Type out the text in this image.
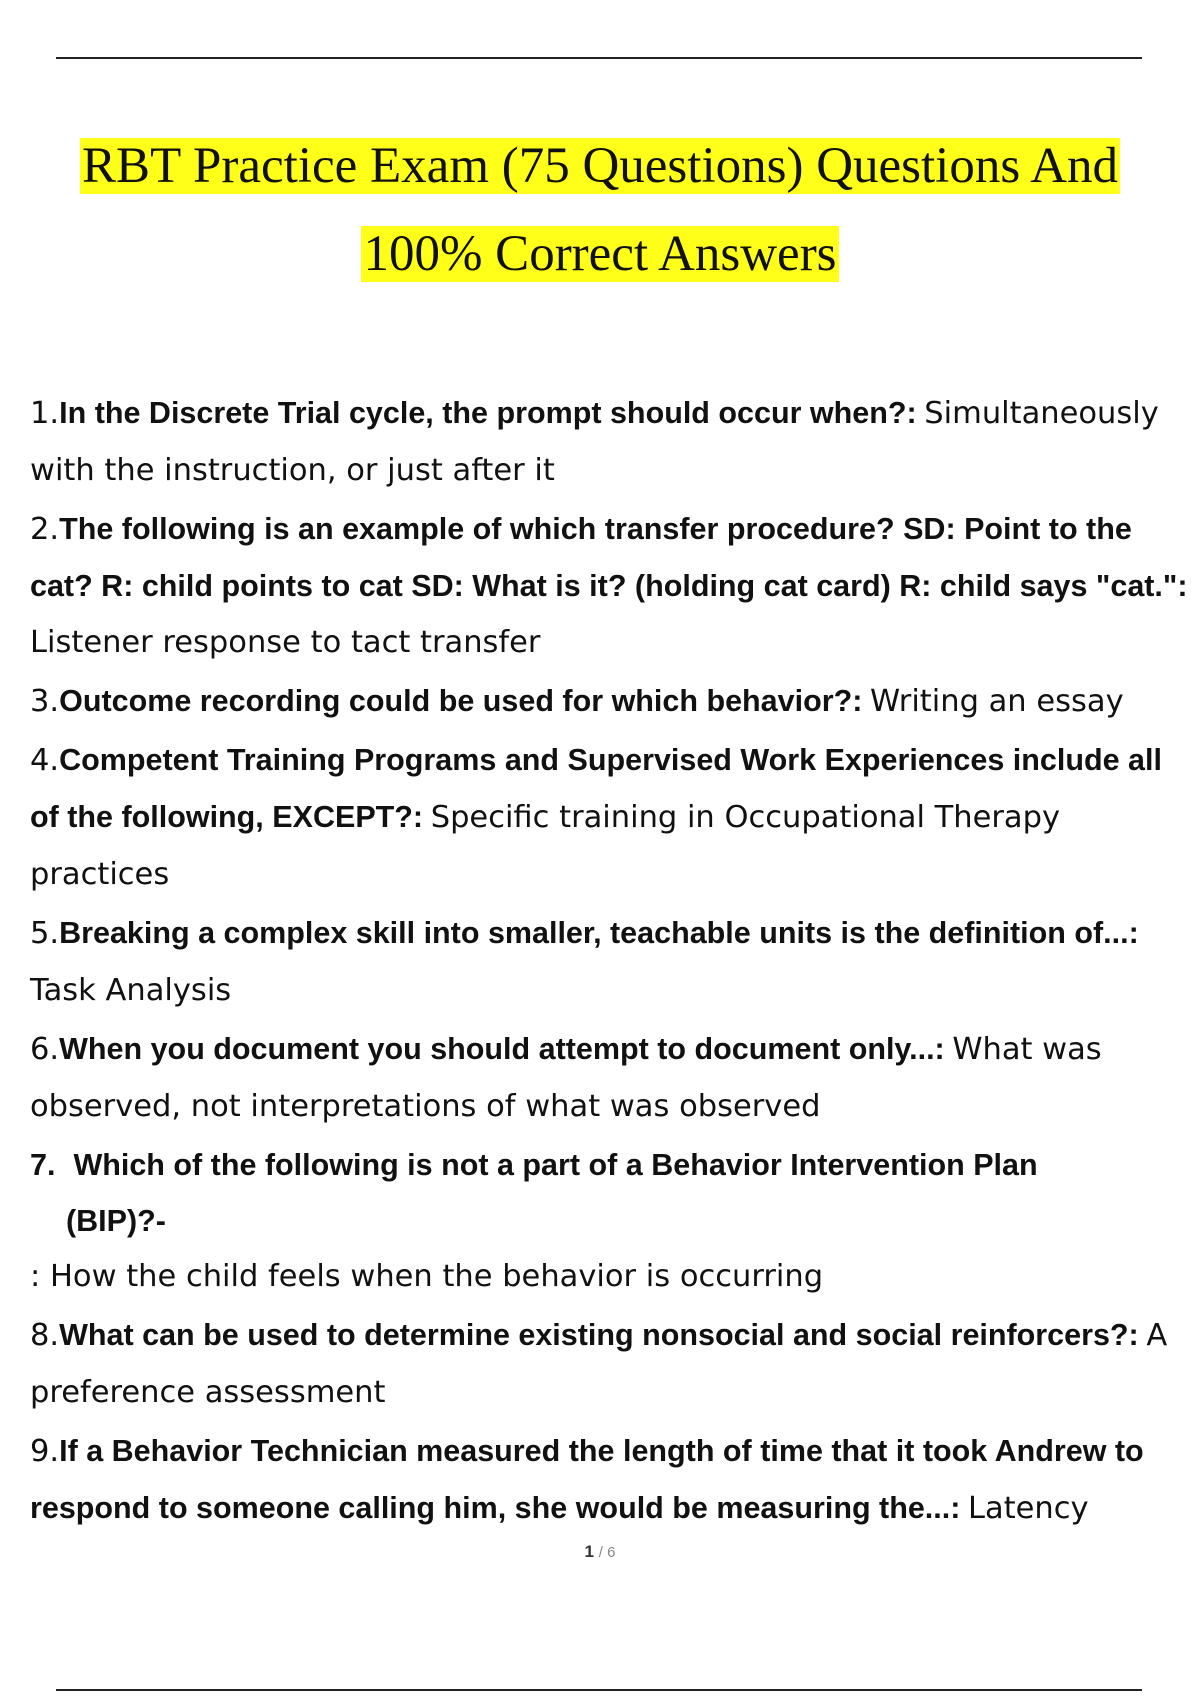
RBT Practice Exam (75 Questions) Questions And
100% Correct Answers
1.In the Discrete Trial cycle, the prompt should occur when?: Simultaneously with the instruction, or just after it
2.The following is an example of which transfer procedure? SD: Point to the cat? R: child points to cat SD: What is it? (holding cat card) R: child says "cat.": Listener response to tact transfer
3.Outcome recording could be used for which behavior?: Writing an essay
4.Competent Training Programs and Supervised Work Experiences include all of the following, EXCEPT?: Specific training in Occupational Therapy practices
5.Breaking a complex skill into smaller, teachable units is the definition of...: Task Analysis
6.When you document you should attempt to document only...: What was observed, not interpretations of what was observed
7. Which of the following is not a part of a Behavior Intervention Plan
(BIP)?-
: How the child feels when the behavior is occurring
8.What can be used to determine existing nonsocial and social reinforcers?: A preference assessment
9.If a Behavior Technician measured the length of time that it took Andrew to respond to someone calling him, she would be measuring the...: Latency
1 / 6
